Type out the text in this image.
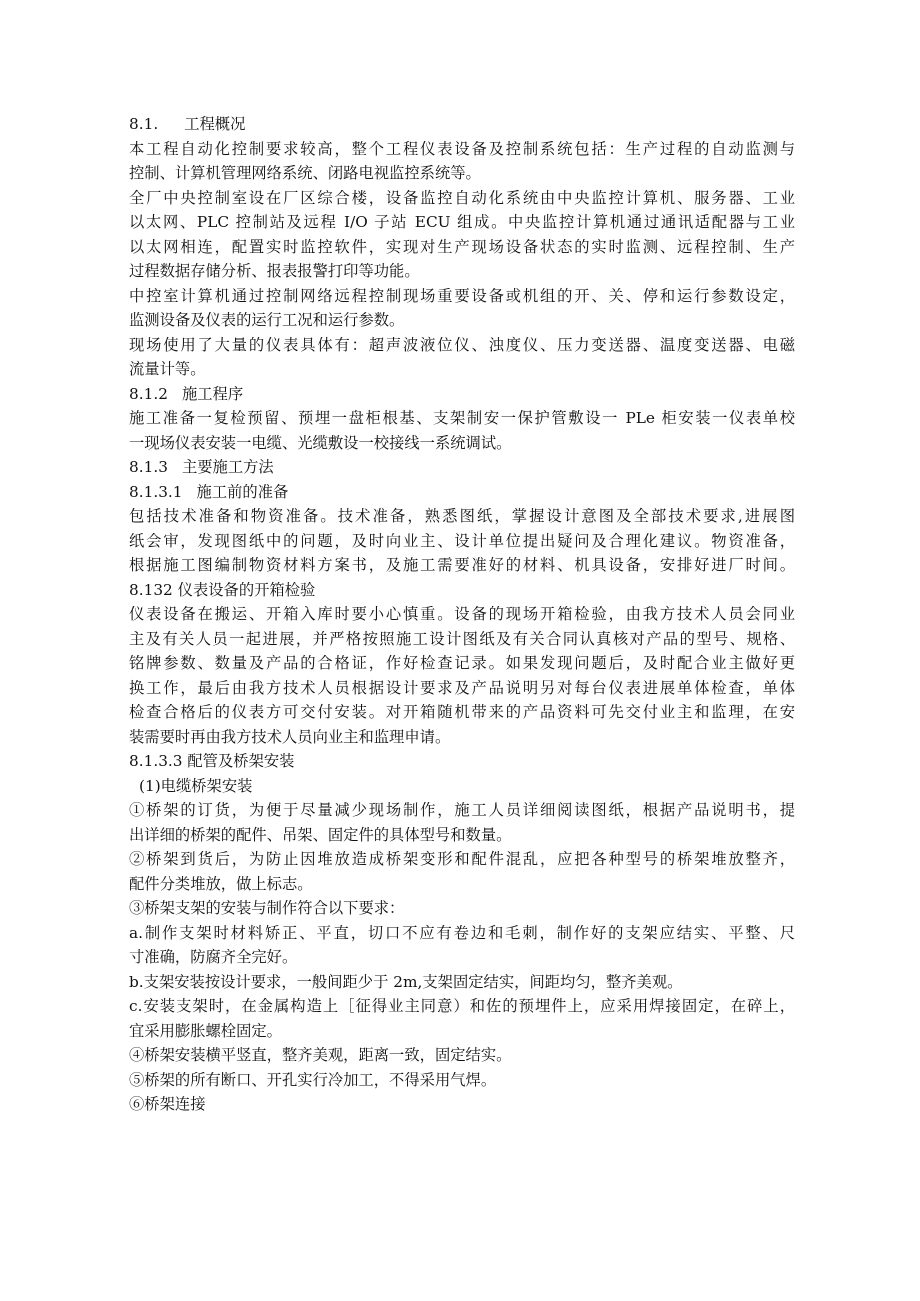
8.1. 工程概况
本工程自动化控制要求较高，整个工程仪表设备及控制系统包括：生产过程的自动监测与
控制、计算机管理网络系统、闭路电视监控系统等。
全厂中央控制室设在厂区综合楼，设备监控自动化系统由中央监控计算机、服务器、工业
以太网、PLC 控制站及远程 I/O 子站 ECU 组成。中央监控计算机通过通讯适配器与工业
以太网相连，配置实时监控软件，实现对生产现场设备状态的实时监测、远程控制、生产
过程数据存储分析、报表报警打印等功能。
中控室计算机通过控制网络远程控制现场重要设备或机组的开、关、停和运行参数设定，
监测设备及仪表的运行工况和运行参数。
现场使用了大量的仪表具体有：超声波液位仪、浊度仪、压力变送器、温度变送器、电磁
流量计等。
8.1.2 施工程序
施工准备一复检预留、预埋一盘柜根基、支架制安一保护管敷设一 PLe 柜安装一仪表单校
一现场仪表安装一电缆、光缆敷设一校接线一系统调试。
8.1.3 主要施工方法
8.1.3.1 施工前的准备
包括技术准备和物资准备。技术准备，熟悉图纸，掌握设计意图及全部技术要求,进展图
纸会审，发现图纸中的问题，及时向业主、设计单位提出疑问及合理化建议。物资准备，
根据施工图编制物资材料方案书，及施工需要准好的材料、机具设备，安排好进厂时间。
8.132 仪表设备的开箱检验
仪表设备在搬运、开箱入库时要小心慎重。设备的现场开箱检验，由我方技术人员会同业
主及有关人员一起进展，并严格按照施工设计图纸及有关合同认真核对产品的型号、规格、
铭牌参数、数量及产品的合格证，作好检查记录。如果发现问题后，及时配合业主做好更
换工作，最后由我方技术人员根据设计要求及产品说明另对每台仪表进展单体检查，单体
检查合格后的仪表方可交付安装。对开箱随机带来的产品资料可先交付业主和监理，在安
装需要时再由我方技术人员向业主和监理申请。
8.1.3.3 配管及桥架安装
(1)电缆桥架安装
①桥架的订货，为便于尽量减少现场制作，施工人员详细阅读图纸，根据产品说明书，提
出详细的桥架的配件、吊架、固定件的具体型号和数量。
②桥架到货后，为防止因堆放造成桥架变形和配件混乱，应把各种型号的桥架堆放整齐，
配件分类堆放，做上标志。
③桥架支架的安装与制作符合以下要求：
a.制作支架时材料矫正、平直，切口不应有卷边和毛刺，制作好的支架应结实、平整、尺
寸准确，防腐齐全完好。
b.支架安装按设计要求，一般间距少于 2m,支架固定结实，间距均匀，整齐美观。
c.安装支架时，在金属构造上［征得业主同意）和佐的预埋件上，应采用焊接固定，在碎上，
宜采用膨胀螺栓固定。
④桥架安装横平竖直，整齐美观，距离一致，固定结实。
⑤桥架的所有断口、开孔实行冷加工，不得采用气焊。
⑥桥架连接
